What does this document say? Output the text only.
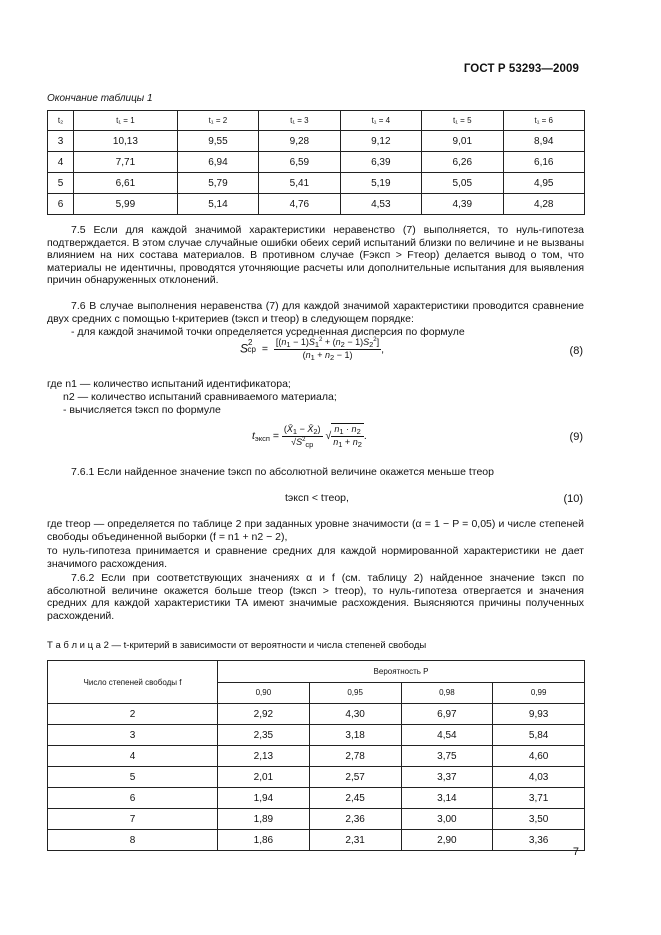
ГОСТ Р 53293—2009
Окончание таблицы 1
t₂	t₁ = 1	t₁ = 2	t₁ = 3	t₁ = 4	t₁ = 5	t₁ = 6
3	10,13	9,55	9,28	9,12	9,01	8,94
4	7,71	6,94	6,59	6,39	6,26	6,16
5	6,61	5,79	5,41	5,19	5,05	4,95
6	5,99	5,14	4,76	4,53	4,39	4,28
7.5 Если для каждой значимой характеристики неравенство (7) выполняется, то нуль-гипотеза подтверждается. В этом случае случайные ошибки обеих серий испытаний близки по величине и не вызваны влиянием на них состава материалов. В противном случае (Fэксп > Fтеор) делается вывод о том, что материалы не идентичны, проводятся уточняющие расчеты или дополнительные испытания для выявления причин обнаруженных отклонений.
7.6 В случае выполнения неравенства (7) для каждой значимой характеристики проводится сравнение двух средних с помощью t-критериев (tэксп и tтеор) в следующем порядке:
- для каждой значимой точки определяется усредненная дисперсия по формуле
$S^2ср = \frac{[(n_1 - 1)S_1^2 + (n_2 - 1)S_2^2]}{(n_1 + n_2 - 1)}$ ,	(8)
где n1 — количество испытаний идентификатора;
n2 — количество испытаний сравниваемого материала;
- вычисляется tэксп по формуле
$t_{эксп} = \frac{(X̄_1 - X̄_2)}{√S^2_{ср}}$ √ $\frac{n_1 \cdot n_2}{n_1 + n_2}$ .	(9)
7.6.1 Если найденное значение tэксп по абсолютной величине окажется меньше tтеор
tэксп < tтеор,	(10)
где tтеор — определяется по таблице 2 при заданных уровне значимости (α = 1 − P = 0,05) и числе степеней свободы объединенной выборки (f = n1 + n2 − 2),
то нуль-гипотеза принимается и сравнение средних для каждой нормированной характеристики не дает значимого расхождения.
7.6.2 Если при соответствующих значениях α и f (см. таблицу 2) найденное значение tэксп по абсолютной величине окажется больше tтеор (tэксп > tтеор), то нуль-гипотеза отвергается и значения средних для каждой характеристики ТА имеют значимые расхождения. Выясняются причины полученных расхождений.
Т а б л и ц а 2 — t-критерий в зависимости от вероятности и числа степеней свободы
Число степеней свободы f	Вероятность P			
	0,90	0,95	0,98	0,99
2	2,92	4,30	6,97	9,93
3	2,35	3,18	4,54	5,84
4	2,13	2,78	3,75	4,60
5	2,01	2,57	3,37	4,03
6	1,94	2,45	3,14	3,71
7	1,89	2,36	3,00	3,50
8	1,86	2,31	2,90	3,36
7
